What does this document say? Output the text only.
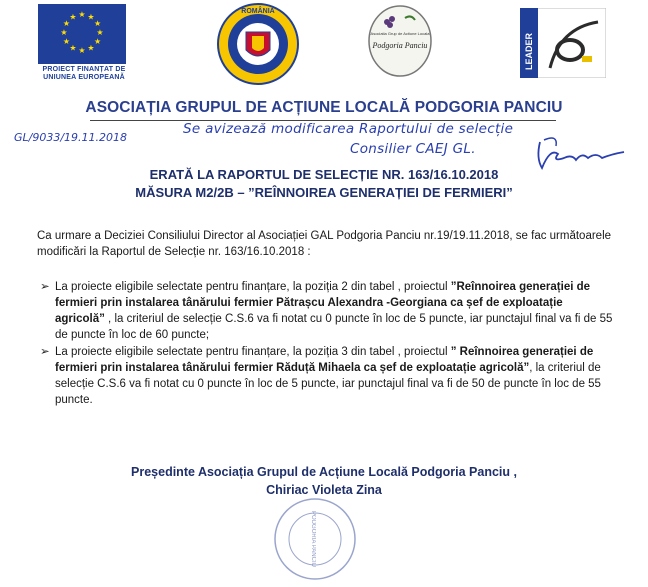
★ ★
★
★
★
★
★
★
★
★
★
★
PROIECT FINANȚAT DE
UNIUNEA EUROPEANĂ
ROMÂNIA
Asociatia Grup de Actiune Locala
Podgoria Panciu	LEADER
ASOCIAȚIA GRUPUL DE ACȚIUNE LOCALĂ PODGORIA PANCIU
GL/9033/19.11.2018
Se avizează modificarea Raportului de selecție
Consilier CAEJ GL.
ERATĂ LA RAPORTUL DE SELECȚIE NR. 163/16.10.2018
MĂSURA M2/2B – ”REÎNNOIREA GENERAȚIEI DE FERMIERI”
Ca urmare a Deciziei Consiliului Director al Asociației GAL Podgoria Panciu nr.19/19.11.2018, se fac următoarele modificări la Raportul de Selecție nr. 163/16.10.2018 :
➢ La proiecte eligibile selectate pentru finanțare, la poziția 2 din tabel , proiectul ”Reînnoirea generației de fermieri prin instalarea tânărului fermier Pătrașcu Alexandra -Georgiana ca șef de exploatație agricolă” , la criteriul de selecție C.S.6 va fi notat cu 0 puncte în loc de 5 puncte, iar punctajul final va fi de 55 de puncte în loc de 60 puncte;
➢ La proiecte eligibile selectate pentru finanțare, la poziția 3 din tabel , proiectul ” Reînnoirea generației de fermieri prin instalarea tânărului fermier Răduță Mihaela ca șef de exploatație agricolă”, la criteriul de selecție C.S.6 va fi notat cu 0 puncte în loc de 5 puncte, iar punctajul final va fi de 50 de puncte în loc de 55 puncte.
Președinte Asociația Grupul de Acțiune Locală Podgoria Panciu ,
Chiriac Violeta Zina
PODGORIA PANCIU
